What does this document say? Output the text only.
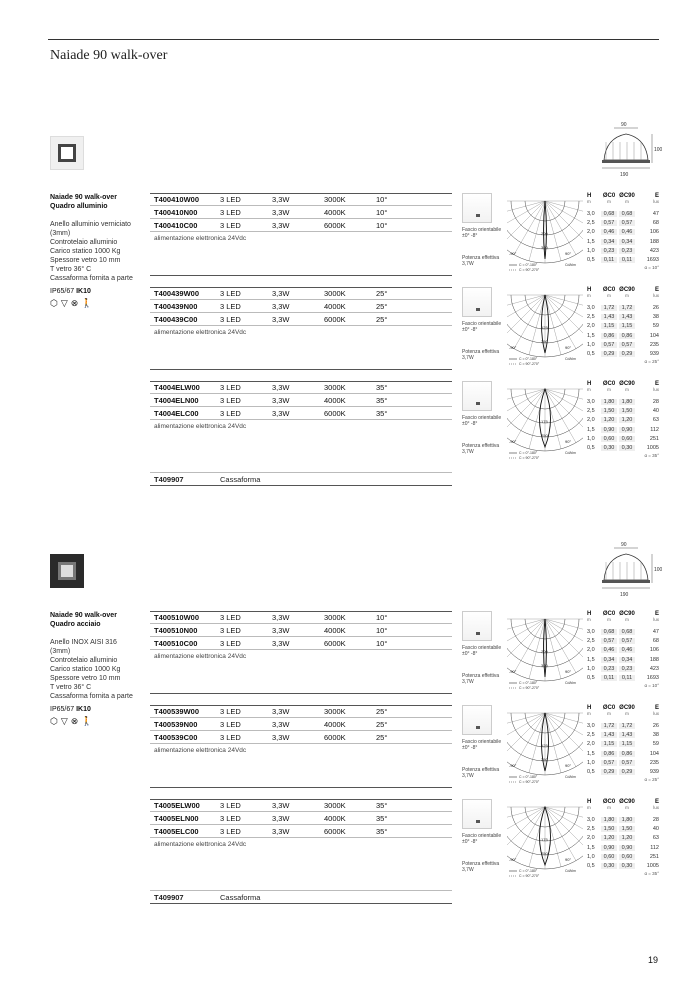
Naiade 90 walk-over
90
100
190
Naiade 90 walk-over
Quadro alluminio

Anello alluminio verniciato
(3mm)
Controtelaio alluminio
Carico statico 1000 Kg
Spessore vetro 10 mm
T vetro 36° C
Cassaforma fornita a parte
IP65/67 IK10
⬡ ▽ ⊗ 🚶
T400410W00	3 LED	3,3W	3000K	10°
T400410N00	3 LED	3,3W	4000K	10°
T400410C00	3 LED	3,3W	6000K	10°
alimentazione elettronica 24Vdc
Fascio orientabile ±0° -8°
Potenza effettiva 3,7W
200
300
-90°	90°
C = 0°-180°
C = 90°-270°
Cd/klm
H	ØC0 ØC90	E
m	m	m	lux
3,0	0,68	0,68	47
2,5	0,57	0,57	68
2,0	0,46	0,46	106
1,5	0,34	0,34	188
1,0	0,23	0,23	423
0,5	0,11	0,11	1693
α = 10°
T400439W00	3 LED	3,3W	3000K	25°
T400439N00	3 LED	3,3W	4000K	25°
T400439C00	3 LED	3,3W	6000K	25°
alimentazione elettronica 24Vdc
Fascio orientabile ±0° -8°
Potenza effettiva 3,7W
125
250
-90°	90°
C = 0°-180°
C = 90°-270°
Cd/klm
H	ØC0 ØC90	E
m	m	m	lux
3,0	1,72	1,72	26
2,5	1,43	1,43	38
2,0	1,15	1,15	59
1,5	0,86	0,86	104
1,0	0,57	0,57	235
0,5	0,29	0,29	939
α = 25°
T4004ELW00	3 LED	3,3W	3000K	35°
T4004ELN00	3 LED	3,3W	4000K	35°
T4004ELC00	3 LED	3,3W	6000K	35°
alimentazione elettronica 24Vdc
Fascio orientabile ±0° -8°
Potenza effettiva 3,7W
175
250
-90°	90°
C = 0°-180°
C = 90°-270°
Cd/klm
H	ØC0 ØC90	E
m	m	m	lux
3,0	1,80	1,80	28
2,5	1,50	1,50	40
2,0	1,20	1,20	63
1,5	0,90	0,90	112
1,0	0,60	0,60	251
0,5	0,30	0,30	1005
α = 35°
T409907	Cassaforma
90
100
190
Naiade 90 walk-over
Quadro acciaio

Anello INOX AISI 316
(3mm)
Controtelaio alluminio
Carico statico 1000 Kg
Spessore vetro 10 mm
T vetro 36° C
Cassaforma fornita a parte
IP65/67 IK10
⬡ ▽ ⊗ 🚶
T400510W00	3 LED	3,3W	3000K	10°
T400510N00	3 LED	3,3W	4000K	10°
T400510C00	3 LED	3,3W	6000K	10°
alimentazione elettronica 24Vdc
Fascio orientabile ±0° -8°
Potenza effettiva 3,7W
200
300
-90°	90°
C = 0°-180°
C = 90°-270°
Cd/klm
H	ØC0 ØC90	E
m	m	m	lux
3,0	0,68	0,68	47
2,5	0,57	0,57	68
2,0	0,46	0,46	106
1,5	0,34	0,34	188
1,0	0,23	0,23	423
0,5	0,11	0,11	1693
α = 10°
T400539W00	3 LED	3,3W	3000K	25°
T400539N00	3 LED	3,3W	4000K	25°
T400539C00	3 LED	3,3W	6000K	25°
alimentazione elettronica 24Vdc
Fascio orientabile ±0° -8°
Potenza effettiva 3,7W
125
250
-90°	90°
C = 0°-180°
C = 90°-270°
Cd/klm
H	ØC0 ØC90	E
m	m	m	lux
3,0	1,72	1,72	26
2,5	1,43	1,43	38
2,0	1,15	1,15	59
1,5	0,86	0,86	104
1,0	0,57	0,57	235
0,5	0,29	0,29	939
α = 25°
T4005ELW00	3 LED	3,3W	3000K	35°
T4005ELN00	3 LED	3,3W	4000K	35°
T4005ELC00	3 LED	3,3W	6000K	35°
alimentazione elettronica 24Vdc
Fascio orientabile ±0° -8°
Potenza effettiva 3,7W
175
250
-90°	90°
C = 0°-180°
C = 90°-270°
Cd/klm
H	ØC0 ØC90	E
m	m	m	lux
3,0	1,80	1,80	28
2,5	1,50	1,50	40
2,0	1,20	1,20	63
1,5	0,90	0,90	112
1,0	0,60	0,60	251
0,5	0,30	0,30	1005
α = 35°
T409907	Cassaforma
19
